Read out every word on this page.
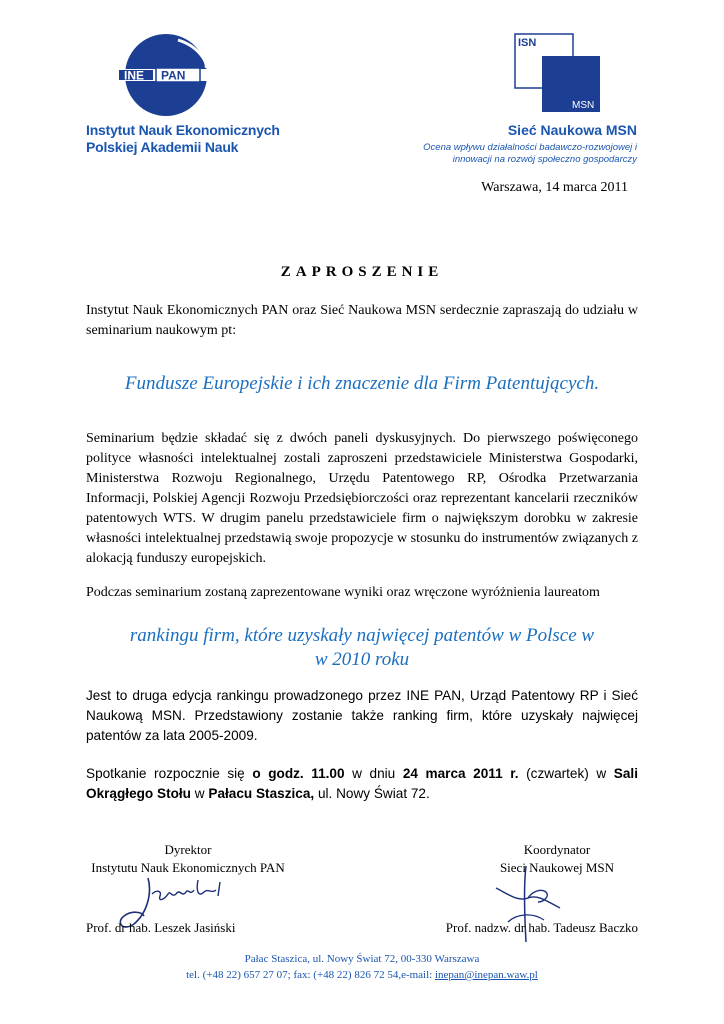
INE PAN
Instytut Nauk Ekonomicznych
Polskiej Akademii Nauk
ISN
MSN
Sieć Naukowa MSN
Ocena wpływu działalności badawczo-rozwojowej i
innowacji na rozwój społeczno gospodarczy
Warszawa, 14 marca 2011
ZAPROSZENIE
Instytut Nauk Ekonomicznych PAN oraz Sieć Naukowa MSN serdecznie zapraszają do udziału w seminarium naukowym pt:
Fundusze Europejskie i ich znaczenie dla Firm Patentujących.
Seminarium będzie składać się z dwóch paneli dyskusyjnych. Do pierwszego poświęconego polityce własności intelektualnej zostali zaproszeni przedstawiciele Ministerstwa Gospodarki, Ministerstwa Rozwoju Regionalnego, Urzędu Patentowego RP, Ośrodka Przetwarzania Informacji, Polskiej Agencji Rozwoju Przedsiębiorczości oraz reprezentant kancelarii rzeczników patentowych WTS. W drugim panelu przedstawiciele firm o największym dorobku w zakresie własności intelektualnej przedstawią swoje propozycje w stosunku do instrumentów związanych z alokacją funduszy europejskich.
Podczas seminarium zostaną zaprezentowane wyniki oraz wręczone wyróżnienia laureatom
rankingu firm, które uzyskały najwięcej patentów w Polsce w
w 2010 roku
Jest to druga edycja rankingu prowadzonego przez INE PAN, Urząd Patentowy RP i Sieć Naukową MSN. Przedstawiony zostanie także ranking firm, które uzyskały najwięcej patentów za lata 2005-2009.
Spotkanie rozpocznie się o godz. 11.00 w dniu 24 marca 2011 r. (czwartek) w Sali Okrągłego Stołu w Pałacu Staszica, ul. Nowy Świat 72.
Dyrektor
Instytutu Nauk Ekonomicznych PAN
Koordynator
Sieci Naukowej MSN
Prof. dr hab. Leszek Jasiński	Prof. nadzw. dr hab. Tadeusz Baczko
Pałac Staszica, ul. Nowy Świat 72, 00-330 Warszawa
tel. (+48 22) 657 27 07; fax: (+48 22) 826 72 54,e-mail: inepan@inepan.waw.pl
